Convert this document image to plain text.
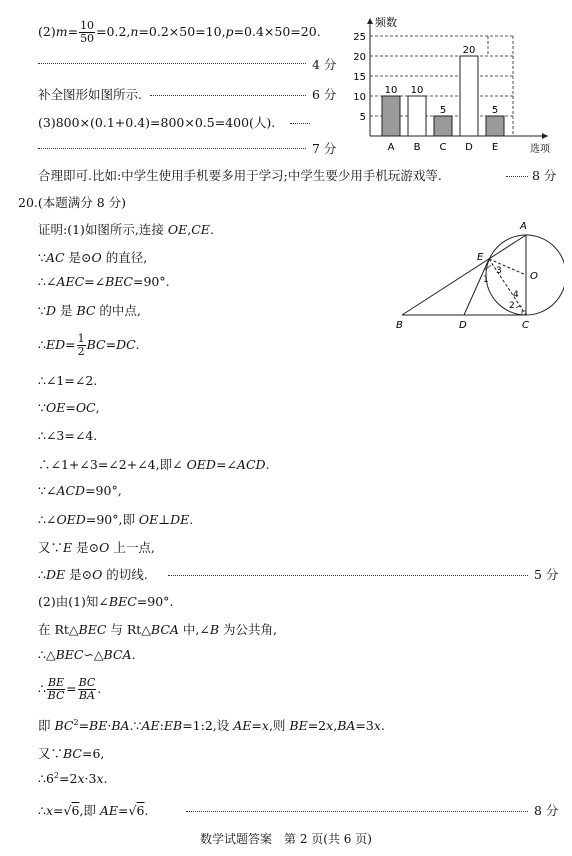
$(2)m= \frac{10}{50} =0.2,n=0.2\times 50=10,p=0.4\times 50=20$.
4 分
补全图形如图所示.	6 分
(3)800×(0.1+0.4)=800×0.5=400(人).
7 分
合理即可.比如:中学生使用手机要多用于学习;中学生要少用手机玩游戏等.	8 分
频数
选项
5
10
15
20
25
10
A
10
B
5
C
20
D
5
E
20.(本题满分 8 分)
证明:(1)如图所示,连接 OE,CE.
∵AC 是⊙O 的直径,
∴∠AEC=∠BEC=90°.
∵D 是 BC 的中点,
∴ED= $\frac{1}{2} BC=DC$.
∴∠1=∠2.
∵OE=OC,
∴∠3=∠4.
∴∠1+∠3=∠2+∠4,即∠ OED=∠ACD.
∵∠ACD=90°,
∴∠OED=90°,即 OE⊥DE.
又∵E 是⊙O 上一点,
∴DE 是⊙O 的切线.	5 分
(2)由(1)知∠BEC=90°.
在 Rt△BEC 与 Rt△BCA 中,∠B 为公共角,
∴△BEC∽△BCA.
∴ $\frac{BE}{BC} = \frac{BC}{BA}$ .
即 $BC^2=BE\cdot BA.\because AE:EB=1:2$,设 AE=x,则 BE=2x,BA=3x.
又∵BC=6,
$\therefore 6^2=2x\cdot 3x$.
∴x=√6,即 AE=√6.	8 分
A
E
O
B	D	C
1
2
3
4
数学试题答案　第 2 页(共 6 页)
